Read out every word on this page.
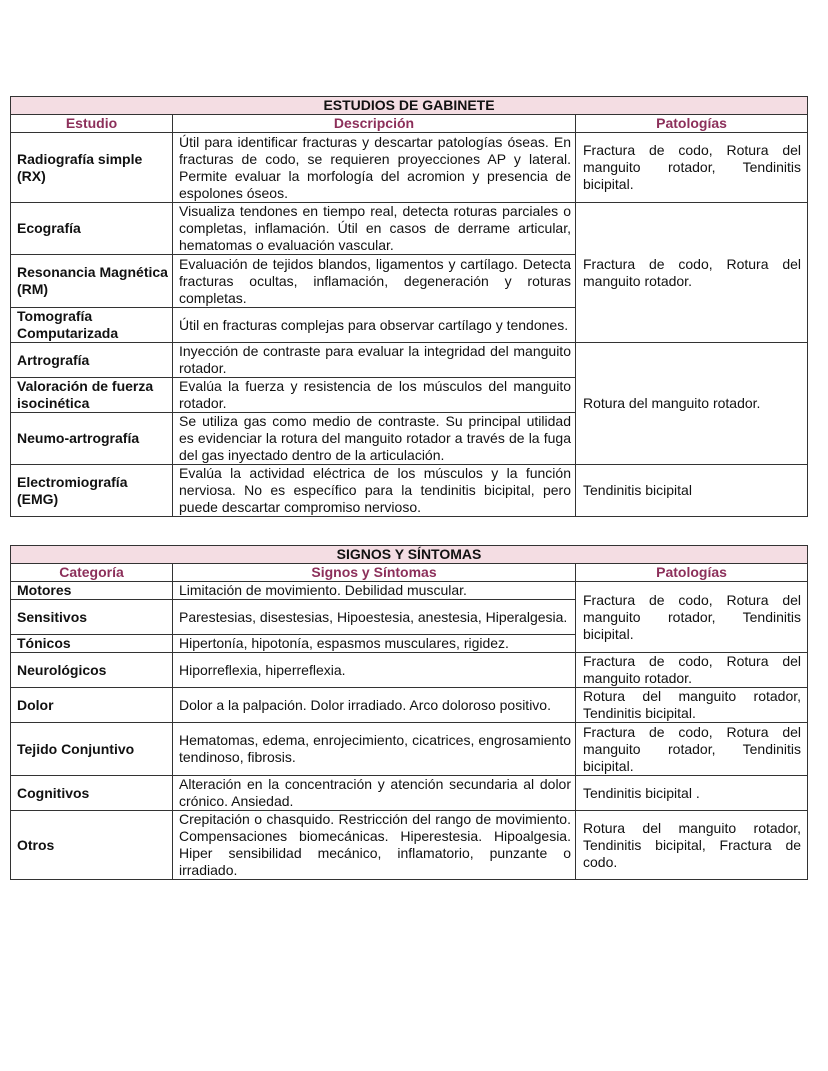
ESTUDIOS DE GABINETE		
Estudio	Descripción	Patologías
Radiografía simple (RX)	Útil para identificar fracturas y descartar patologías óseas. En fracturas de codo, se requieren proyecciones AP y lateral. Permite evaluar la morfología del acromion y presencia de espolones óseos.	Fractura de codo, Rotura del manguito rotador, Tendinitis bicipital.
Ecografía	Visualiza tendones en tiempo real, detecta roturas parciales o completas, inflamación. Útil en casos de derrame articular, hematomas o evaluación vascular.	Fractura de codo, Rotura del manguito rotador.
Resonancia Magnética (RM)	Evaluación de tejidos blandos, ligamentos y cartílago. Detecta fracturas ocultas, inflamación, degeneración y roturas completas.	
Tomografía Computarizada	Útil en fracturas complejas para observar cartílago y tendones.	
Artrografía	Inyección de contraste para evaluar la integridad del manguito rotador.	Rotura del manguito rotador.
Valoración de fuerza isocinética	Evalúa la fuerza y resistencia de los músculos del manguito rotador.	
Neumo-artrografía	Se utiliza gas como medio de contraste. Su principal utilidad es evidenciar la rotura del manguito rotador a través de la fuga del gas inyectado dentro de la articulación.	
Electromiografía (EMG)	Evalúa la actividad eléctrica de los músculos y la función nerviosa. No es específico para la tendinitis bicipital, pero puede descartar compromiso nervioso.	Tendinitis bicipital
SIGNOS Y SÍNTOMAS		
Categoría	Signos y Síntomas	Patologías
Motores	Limitación de movimiento. Debilidad muscular.	Fractura de codo, Rotura del manguito rotador, Tendinitis bicipital.
Sensitivos	Parestesias, disestesias, Hipoestesia, anestesia, Hiperalgesia.	
Tónicos	Hipertonía, hipotonía, espasmos musculares, rigidez.	
Neurológicos	Hiporreflexia, hiperreflexia.	Fractura de codo, Rotura del manguito rotador.
Dolor	Dolor a la palpación. Dolor irradiado. Arco doloroso positivo.	Rotura del manguito rotador, Tendinitis bicipital.
Tejido Conjuntivo	Hematomas, edema, enrojecimiento, cicatrices, engrosamiento tendinoso, fibrosis.	Fractura de codo, Rotura del manguito rotador, Tendinitis bicipital.
Cognitivos	Alteración en la concentración y atención secundaria al dolor crónico. Ansiedad.	Tendinitis bicipital .
Otros	Crepitación o chasquido. Restricción del rango de movimiento. Compensaciones biomecánicas. Hiperestesia. Hipoalgesia. Hiper sensibilidad mecánico, inflamatorio, punzante o irradiado.	Rotura del manguito rotador, Tendinitis bicipital, Fractura de codo.
